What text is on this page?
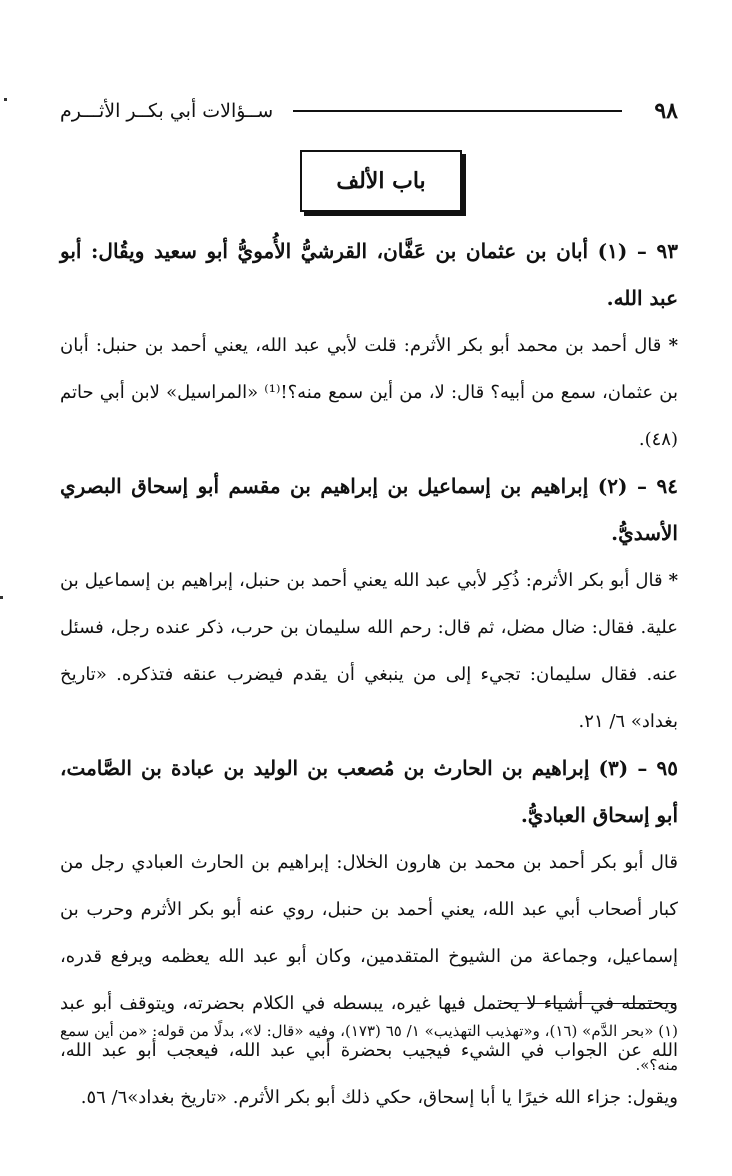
٩٨
ســؤالات أبي بكــر الأثـــرم
باب الألف
٩٣ – (١) أبان بن عثمان بن عَفَّان، القرشيُّ الأُمويُّ أبو سعيد ويقُال: أبو عبد الله.
* قال أحمد بن محمد أبو بكر الأثرم: قلت لأبي عبد الله، يعني أحمد بن حنبل: أبان بن عثمان، سمع من أبيه؟ قال: لا، من أين سمع منه؟!⁽¹⁾ «المراسيل» لابن أبي حاتم (٤٨).
٩٤ – (٢) إبراهيم بن إسماعيل بن إبراهيم بن مقسم أبو إسحاق البصري الأسديُّ.
* قال أبو بكر الأثرم: ذُكِر لأبي عبد الله يعني أحمد بن حنبل، إبراهيم بن إسماعيل بن علية. فقال: ضال مضل، ثم قال: رحم الله سليمان بن حرب، ذكر عنده رجل، فسئل عنه. فقال سليمان: تجيء إلى من ينبغي أن يقدم فيضرب عنقه فتذكره. «تاريخ بغداد» ٦/ ٢١.
٩٥ – (٣) إبراهيم بن الحارث بن مُصعب بن الوليد بن عبادة بن الصَّامت، أبو إسحاق العباديُّ.
قال أبو بكر أحمد بن محمد بن هارون الخلال: إبراهيم بن الحارث العبادي رجل من كبار أصحاب أبي عبد الله، يعني أحمد بن حنبل، روي عنه أبو بكر الأثرم وحرب بن إسماعيل، وجماعة من الشيوخ المتقدمين، وكان أبو عبد الله يعظمه ويرفع قدره، ويحتمله في أشياء لا يحتمل فيها غيره، يبسطه في الكلام بحضرته، ويتوقف أبو عبد الله عن الجواب في الشيء فيجيب بحضرة أبي عبد الله، فيعجب أبو عبد الله، ويقول: جزاء الله خيرًا يا أبا إسحاق، حكي ذلك أبو بكر الأثرم. «تاريخ بغداد»٦/ ٥٦.
(١) «بحر الدَّم» (١٦)، و«تهذيب التهذيب» ١/ ٦٥ (١٧٣)، وفيه «قال: لا»، بدلًا من قوله: «من أين سمع منه؟».
